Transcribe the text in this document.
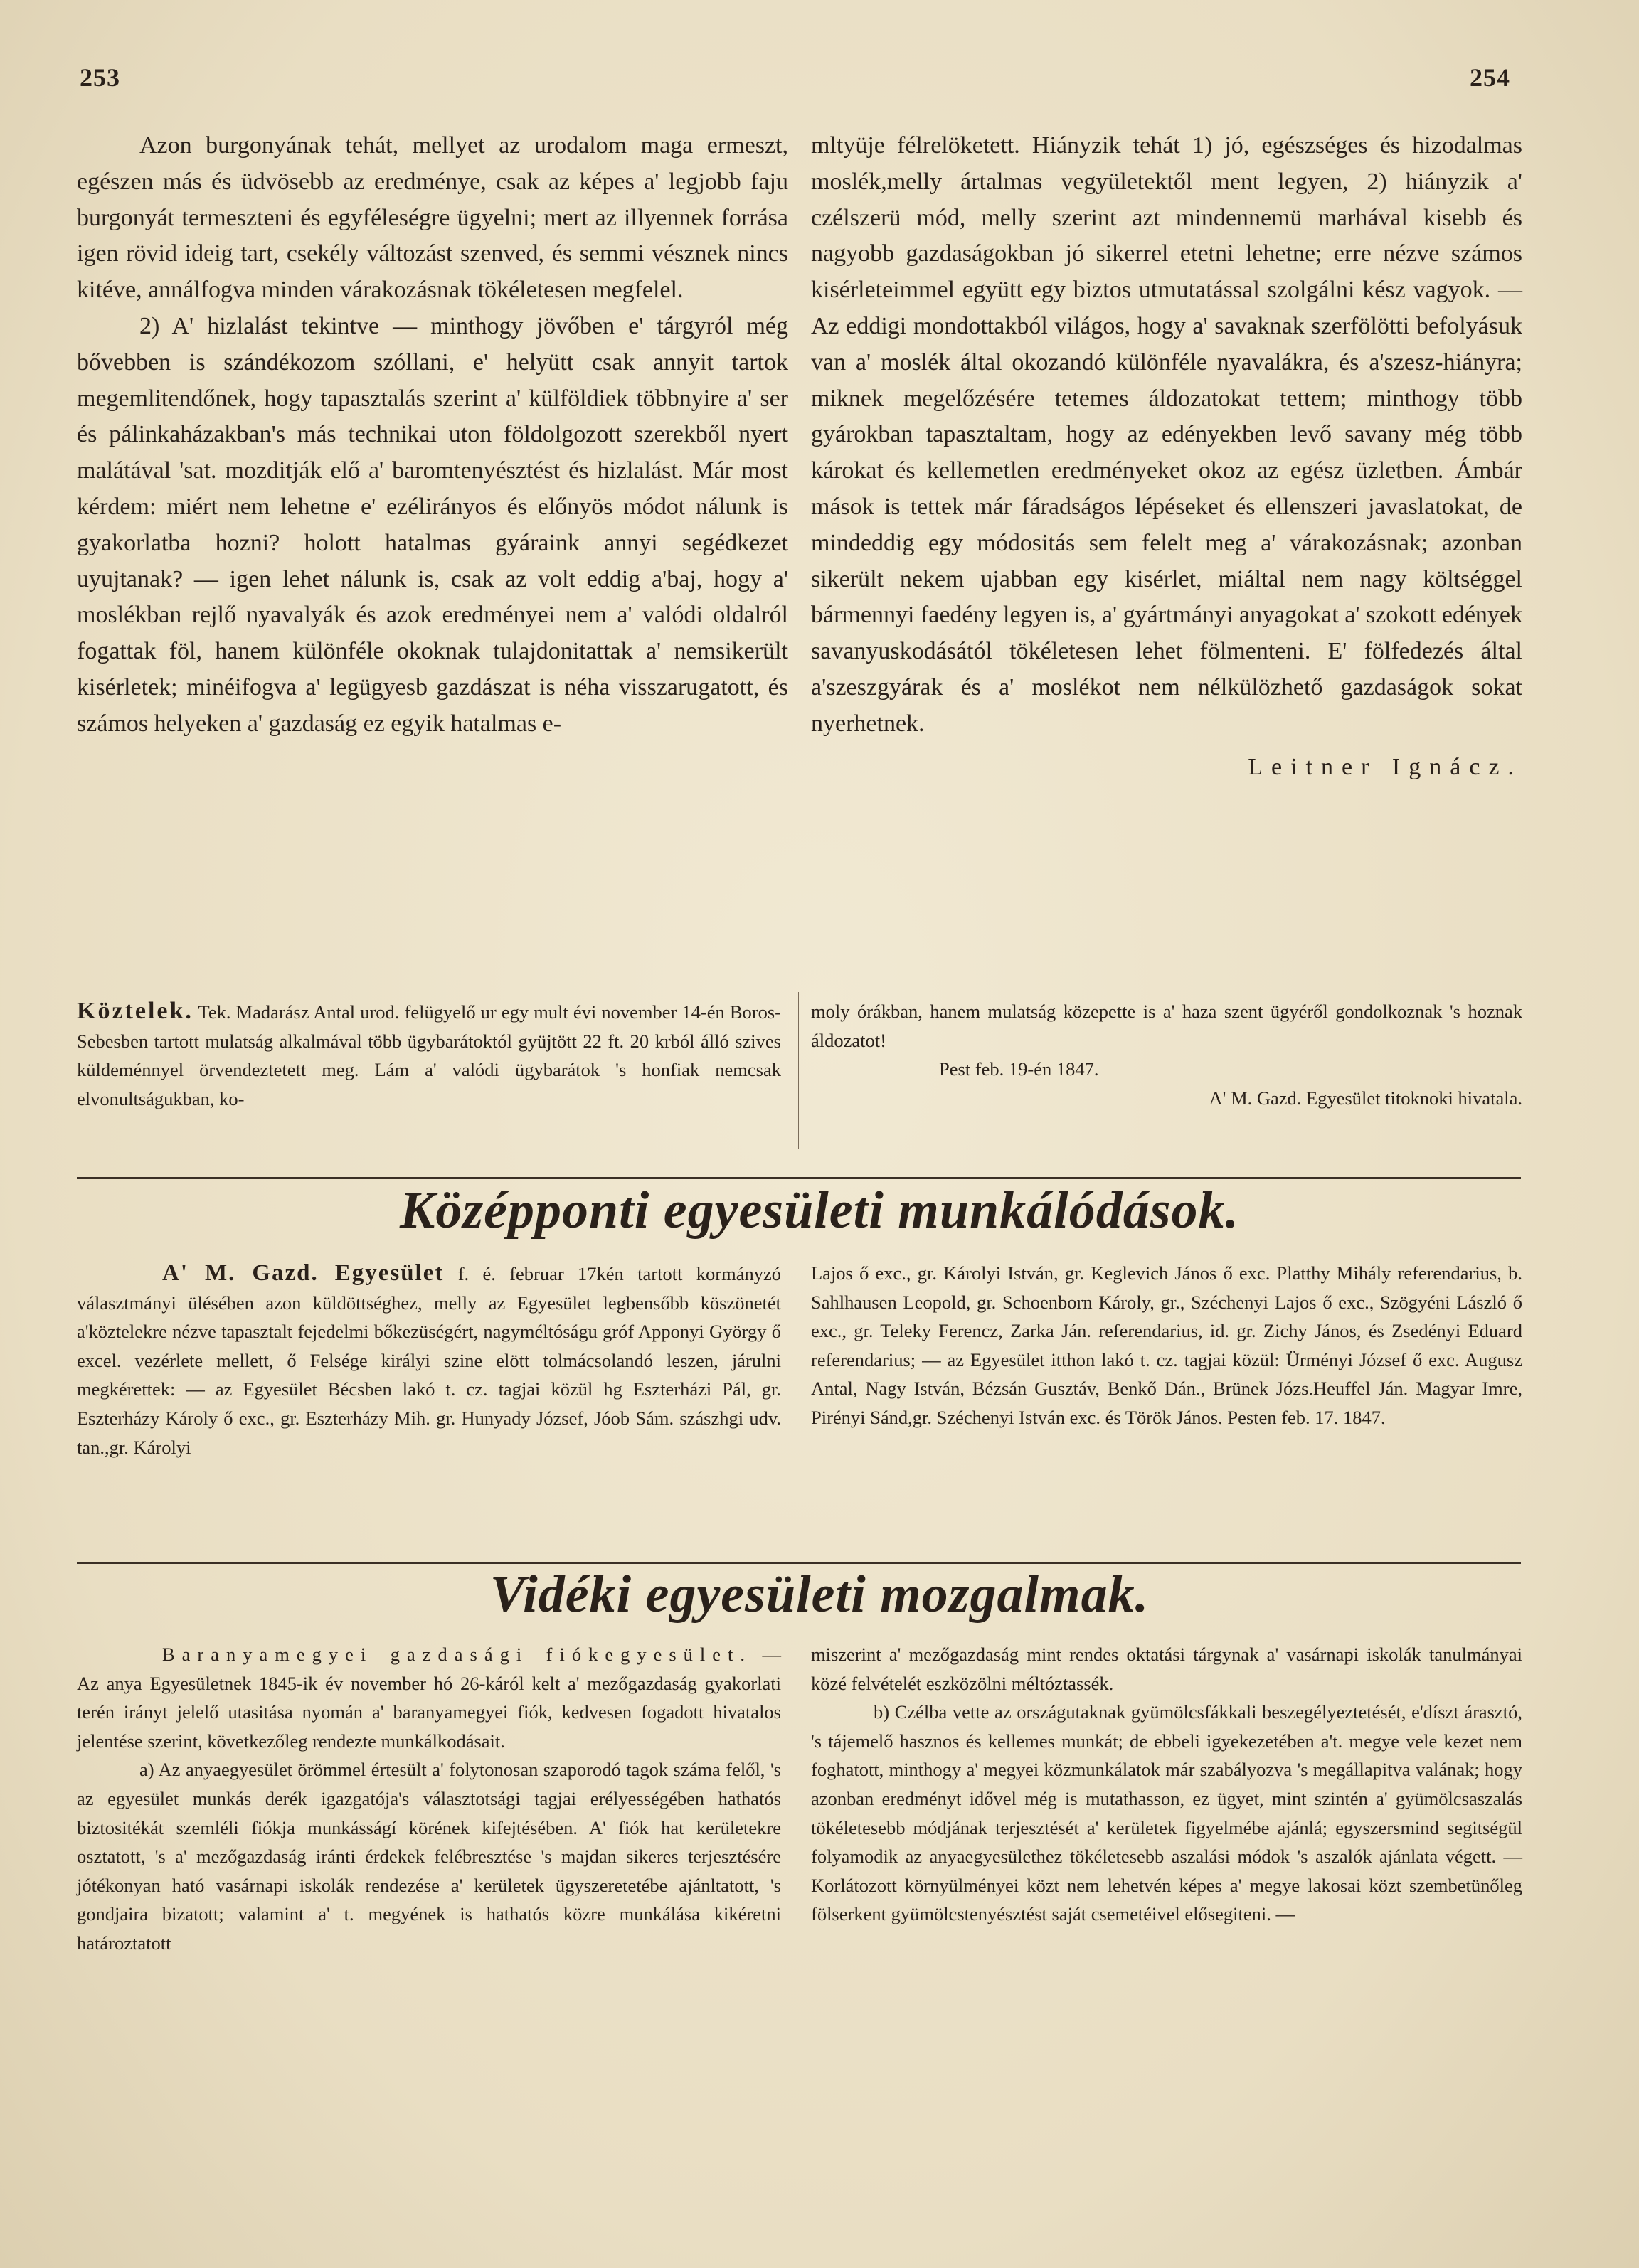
253	254

Azon burgonyának tehát, mellyet az urodalom maga ermeszt, egészen más és üdvösebb az eredménye, csak az képes a' legjobb faju burgonyát termeszteni és egyféleségre ügyelni; mert az illyennek forrása igen rövid ideig tart, csekély változást szenved, és semmi vésznek nincs kitéve, annálfogva minden várakozásnak tökéletesen megfelel.

2) A' hizlalást tekintve — minthogy jövőben e' tárgyról még bővebben is szándékozom szóllani, e' helyütt csak annyit tartok megemlitendőnek, hogy tapasztalás szerint a' külföldiek többnyire a' ser és pálinkaházakban's más technikai uton földolgozott szerekből nyert malátával 'sat. mozditják elő a' baromtenyésztést és hizlalást. Már most kérdem: miért nem lehetne e' ezélirányos és előnyös módot nálunk is gyakorlatba hozni? holott hatalmas gyáraink annyi segédkezet uyujtanak? — igen lehet nálunk is, csak az volt eddig a'baj, hogy a' moslékban rejlő nyavalyák és azok eredményei nem a' valódi oldalról fogattak föl, hanem különféle okoknak tulajdonitattak a' nemsikerült kisérletek; minéifogva a' legügyesb gazdászat is néha visszarugatott, és számos helyeken a' gazdaság ez egyik hatalmas e-

mltyüje félrelöketett. Hiányzik tehát 1) jó, egészséges és hizodalmas moslék,melly ártalmas vegyületektől ment legyen, 2) hiányzik a' czélszerü mód, melly szerint azt mindennemü marhával kisebb és nagyobb gazdaságokban jó sikerrel etetni lehetne; erre nézve számos kisérleteimmel együtt egy biztos utmutatással szolgálni kész vagyok. — Az eddigi mondottakból világos, hogy a' savaknak szerfölötti befolyásuk van a' moslék által okozandó különféle nyavalákra, és a'szesz-hiányra; miknek megelőzésére tetemes áldozatokat tettem; minthogy több gyárokban tapasztaltam, hogy az edényekben levő savany még több károkat és kellemetlen eredményeket okoz az egész üzletben. Ámbár mások is tettek már fáradságos lépéseket és ellenszeri javaslatokat, de mindeddig egy módositás sem felelt meg a' várakozásnak; azonban sikerült nekem ujabban egy kisérlet, miáltal nem nagy költséggel bármennyi faedény legyen is, a' gyártmányi anyagokat a' szokott edények savanyuskodásától tökéletesen lehet fölmenteni. E' fölfedezés által a'szeszgyárak és a' moslékot nem nélkülözhető gazdaságok sokat nyerhetnek.

Leitner Ignácz.

Köztelek. Tek. Madarász Antal urod. felügyelő ur egy mult évi november 14-én Boros-Sebesben tartott mulatság alkalmával több ügybarátoktól gyüjtött 22 ft. 20 krból álló szives küldeménnyel örvendeztetett meg. Lám a' valódi ügybarátok 's honfiak nemcsak elvonultságukban, ko-

moly órákban, hanem mulatság közepette is a' haza szent ügyéről gondolkoznak 's hoznak áldozatot!

Pest feb. 19-én 1847.

A' M. Gazd. Egyesület titoknoki hivatala.

Középponti egyesületi munkálódások.

A' M. Gazd. Egyesület f. é. februar 17kén tartott kormányzó választmányi ülésében azon küldöttséghez, melly az Egyesület legbensőbb köszönetét a'köztelekre nézve tapasztalt fejedelmi bőkezüségért, nagyméltóságu gróf Apponyi György ő excel. vezérlete mellett, ő Felsége királyi szine elött tolmácsolandó leszen, járulni megkérettek: — az Egyesület Bécsben lakó t. cz. tagjai közül hg Eszterházi Pál, gr. Eszterházy Károly ő exc., gr. Eszterházy Mih. gr. Hunyady József, Jóob Sám. szászhgi udv. tan.,gr. Károlyi

Lajos ő exc., gr. Károlyi István, gr. Keglevich János ő exc. Platthy Mihály referendarius, b. Sahlhausen Leopold, gr. Schoenborn Károly, gr., Széchenyi Lajos ő exc., Szögyéni László ő exc., gr. Teleky Ferencz, Zarka Ján. referendarius, id. gr. Zichy János, és Zsedényi Eduard referendarius; — az Egyesület itthon lakó t. cz. tagjai közül: Ürményi József ő exc. Augusz Antal, Nagy István, Bézsán Gusztáv, Benkő Dán., Brünek Józs.Heuffel Ján. Magyar Imre, Pirényi Sánd,gr. Széchenyi István exc. és Török János. Pesten feb. 17. 1847.

Vidéki egyesületi mozgalmak.

Baranyamegyei gazdasági fiókegyesület. — Az anya Egyesületnek 1845-ik év november hó 26-káról kelt a' mezőgazdaság gyakorlati terén irányt jelelő utasitása nyomán a' baranyamegyei fiók, kedvesen fogadott hivatalos jelentése szerint, következőleg rendezte munkálkodásait.

a) Az anyaegyesület örömmel értesült a' folytonosan szaporodó tagok száma felől, 's az egyesület munkás derék igazgatója's választotsági tagjai erélyességében hathatós biztositékát szemléli fiókja munkásságí körének kifejtésében. A' fiók hat kerületekre osztatott, 's a' mezőgazdaság iránti érdekek felébresztése 's majdan sikeres terjesztésére jótékonyan ható vasárnapi iskolák rendezése a' kerületek ügyszeretetébe ajánltatott, 's gondjaira bizatott; valamint a' t. megyének is hathatós közre munkálása kikéretni határoztatott

miszerint a' mezőgazdaság mint rendes oktatási tárgynak a' vasárnapi iskolák tanulmányai közé felvételét eszközölni méltóztassék.

b) Czélba vette az országutaknak gyümölcsfákkali beszegélyeztetését, e'díszt árasztó, 's tájemelő hasznos és kellemes munkát; de ebbeli igyekezetében a't. megye vele kezet nem foghatott, minthogy a' megyei közmunkálatok már szabályozva 's megállapitva valának; hogy azonban eredményt idővel még is mutathasson, ez ügyet, mint szintén a' gyümölcsaszalás tökéletesebb módjának terjesztését a' kerületek figyelmébe ajánlá; egyszersmind segitségül folyamodik az anyaegyesülethez tökéletesebb aszalási módok 's aszalók ajánlata végett. — Korlátozott környülményei közt nem lehetvén képes a' megye lakosai közt szembetünőleg fölserkent gyümölcstenyésztést saját csemetéivel elősegiteni. —
